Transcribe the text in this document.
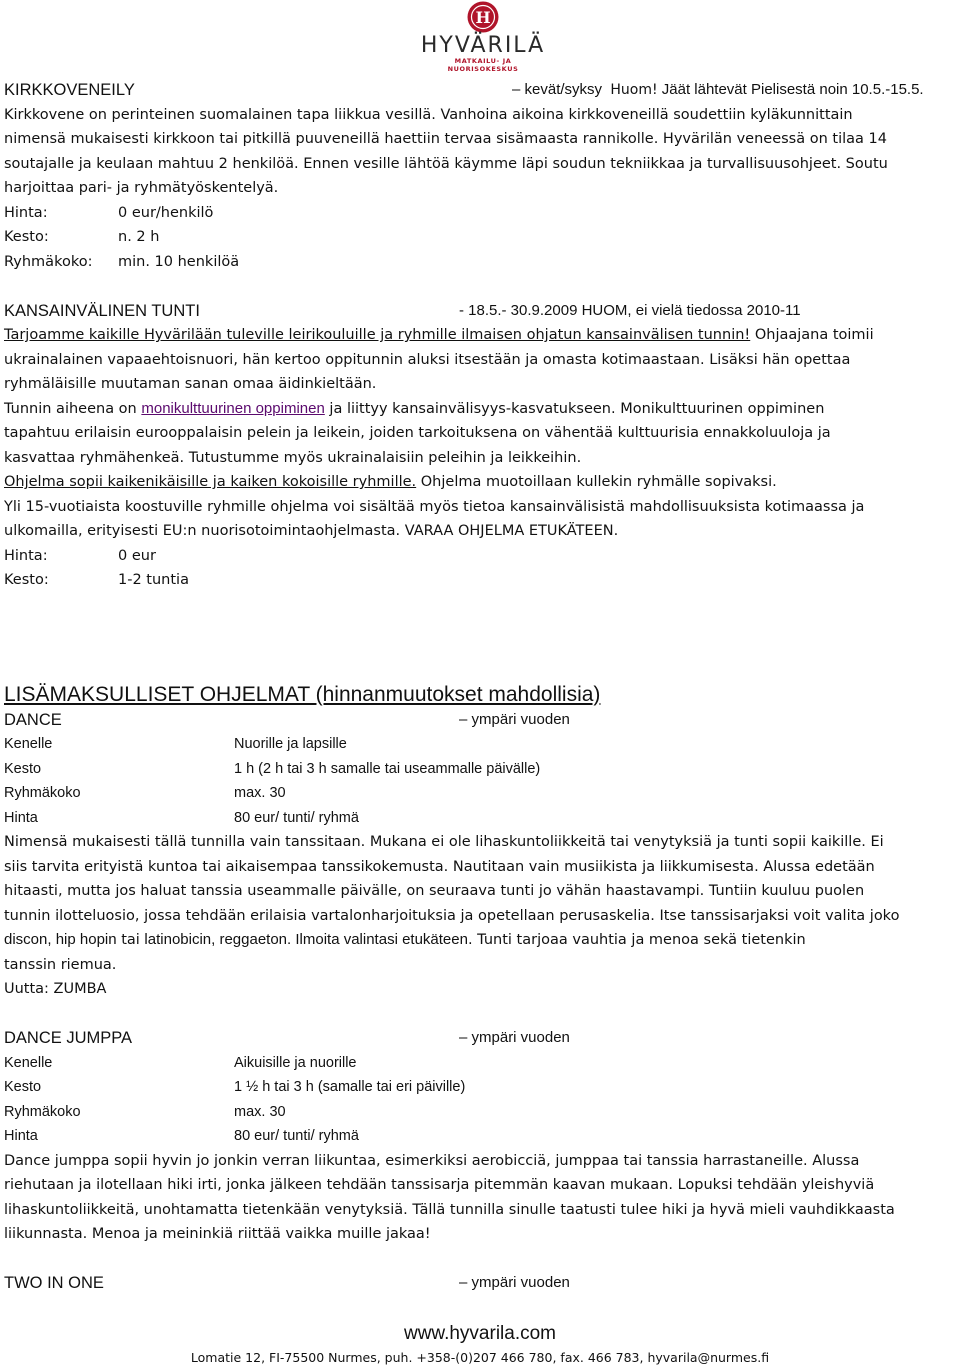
H
HYVÄRILÄ
MATKAILU- JA NUORISOKESKUS
KIRKKOVENEILY	– kevät/syksy Huom! Jäät lähtevät Pielisestä noin 10.5.-15.5.
Kirkkovene on perinteinen suomalainen tapa liikkua vesillä. Vanhoina aikoina kirkkoveneillä soudettiin kyläkunnittain
nimensä mukaisesti kirkkoon tai pitkillä puuveneillä haettiin tervaa sisämaasta rannikolle. Hyvärilän veneessä on tilaa 14
soutajalle ja keulaan mahtuu 2 henkilöä. Ennen vesille lähtöä käymme läpi soudun tekniikkaa ja turvallisuusohjeet. Soutu
harjoittaa pari- ja ryhmätyöskentelyä.
Hinta:	0 eur/henkilö
Kesto:	n. 2 h
Ryhmäkoko: min. 10 henkilöä
KANSAINVÄLINEN TUNTI	- 18.5.- 30.9.2009 HUOM, ei vielä tiedossa 2010-11
Tarjoamme kaikille Hyvärilään tuleville leirikouluille ja ryhmille ilmaisen ohjatun kansainvälisen tunnin! Ohjaajana toimii
ukrainalainen vapaaehtoisnuori, hän kertoo oppitunnin aluksi itsestään ja omasta kotimaastaan. Lisäksi hän opettaa
ryhmäläisille muutaman sanan omaa äidinkieltään.
Tunnin aiheena on monikulttuurinen oppiminen ja liittyy kansainvälisyys-kasvatukseen. Monikulttuurinen oppiminen
tapahtuu erilaisin eurooppalaisin pelein ja leikein, joiden tarkoituksena on vähentää kulttuurisia ennakkoluuloja ja
kasvattaa ryhmähenkeä. Tutustumme myös ukrainalaisiin peleihin ja leikkeihin.
Ohjelma sopii kaikenikäisille ja kaiken kokoisille ryhmille. Ohjelma muotoillaan kullekin ryhmälle sopivaksi.
Yli 15-vuotiaista koostuville ryhmille ohjelma voi sisältää myös tietoa kansainvälisistä mahdollisuuksista kotimaassa ja
ulkomailla, erityisesti EU:n nuorisotoimintaohjelmasta. VARAA OHJELMA ETUKÄTEEN.
Hinta:	0 eur
Kesto:	1-2 tuntia
LISÄMAKSULLISET OHJELMAT (hinnanmuutokset mahdollisia)
DANCE	– ympäri vuoden
Kenelle	Nuorille ja lapsille
Kesto	1 h (2 h tai 3 h samalle tai useammalle päivälle)
Ryhmäkoko	max. 30
Hinta	80 eur/ tunti/ ryhmä
Nimensä mukaisesti tällä tunnilla vain tanssitaan. Mukana ei ole lihaskuntoliikkeitä tai venytyksiä ja tunti sopii kaikille. Ei
siis tarvita erityistä kuntoa tai aikaisempaa tanssikokemusta. Nautitaan vain musiikista ja liikkumisesta. Alussa edetään
hitaasti, mutta jos haluat tanssia useammalle päivälle, on seuraava tunti jo vähän haastavampi. Tuntiin kuuluu puolen
tunnin ilotteluosio, jossa tehdään erilaisia vartalonharjoituksia ja opetellaan perusaskelia. Itse tanssisarjaksi voit valita joko
discon, hip hopin tai latinobicin, reggaeton. Ilmoita valintasi etukäteen. Tunti tarjoaa vauhtia ja menoa sekä tietenkin
tanssin riemua.
Uutta: ZUMBA
DANCE JUMPPA	– ympäri vuoden
Kenelle	Aikuisille ja nuorille
Kesto	1 ½ h tai 3 h (samalle tai eri päiville)
Ryhmäkoko	max. 30
Hinta	80 eur/ tunti/ ryhmä
Dance jumppa sopii hyvin jo jonkin verran liikuntaa, esimerkiksi aerobicciä, jumppaa tai tanssia harrastaneille. Alussa
riehutaan ja ilotellaan hiki irti, jonka jälkeen tehdään tanssisarja pitemmän kaavan mukaan. Lopuksi tehdään yleishyviä
lihaskuntoliikkeitä, unohtamatta tietenkään venytyksiä. Tällä tunnilla sinulle taatusti tulee hiki ja hyvä mieli vauhdikkaasta
liikunnasta. Menoa ja meininkiä riittää vaikka muille jakaa!
TWO IN ONE	– ympäri vuoden
www.hyvarila.com
Lomatie 12, FI-75500 Nurmes, puh. +358-(0)207 466 780, fax. 466 783, hyvarila@nurmes.fi
